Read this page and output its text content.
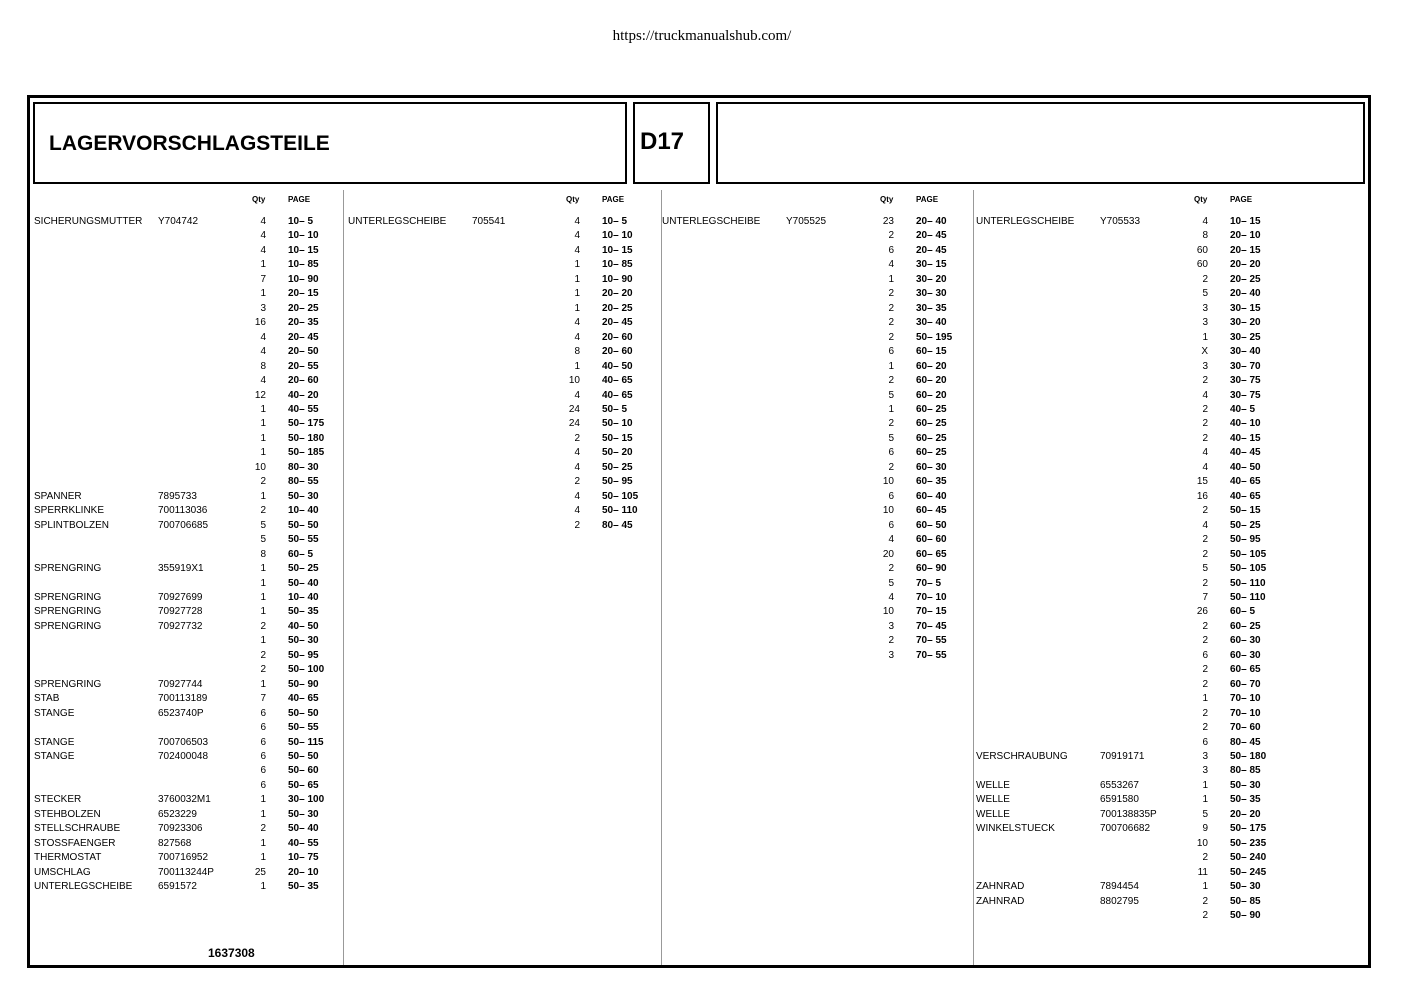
https://truckmanualshub.com/
LAGERVORSCHLAGSTEILE	D17
Qty	PAGE
SICHERUNGSMUTTER Y704742	4 10– 5
4 10– 10
4 10– 15
1 10– 85
7 10– 90
1 20– 15
3 20– 25
16 20– 35
4 20– 45
4 20– 50
8 20– 55
4 20– 60
12 40– 20
1 40– 55
1 50– 175
1 50– 180
1 50– 185
10 80– 30
2 80– 55
SPANNER	7895733	1 50– 30
SPERRKLINKE	700113036	2 10– 40
SPLINTBOLZEN	700706685	5 50– 50
5 50– 55
8 60– 5
SPRENGRING	355919X1	1 50– 25
1 50– 40
SPRENGRING	70927699	1 10– 40
SPRENGRING	70927728	1 50– 35
SPRENGRING	70927732	2 40– 50
1 50– 30
2 50– 95
2 50– 100
SPRENGRING	70927744	1 50– 90
STAB	700113189	7 40– 65
STANGE	6523740P	6 50– 50
6 50– 55
STANGE	700706503	6 50– 115
STANGE	702400048	6 50– 50
6 50– 60
6 50– 65
STECKER	3760032M1	1 30– 100
STEHBOLZEN	6523229	1 50– 30
STELLSCHRAUBE	70923306	2 50– 40
STOSSFAENGER	827568	1 40– 55
THERMOSTAT	700716952	1 10– 75
UMSCHLAG	700113244P	25 20– 10
UNTERLEGSCHEIBE	6591572	1 50– 35
Qty	PAGE
UNTERLEGSCHEIBE	705541	4 10– 5
4 10– 10
4 10– 15
1 10– 85
1 10– 90
1 20– 20
1 20– 25
4 20– 45
4 20– 60
8 20– 60
1 40– 50
10 40– 65
4 40– 65
24 50– 5
24 50– 10
2 50– 15
4 50– 20
4 50– 25
2 50– 95
4 50– 105
4 50– 110
2 80– 45
Qty	PAGE
UNTERLEGSCHEIBE	Y705525	23 20– 40
2 20– 45
6 20– 45
4 30– 15
1 30– 20
2 30– 30
2 30– 35
2 30– 40
2 50– 195
6 60– 15
1 60– 20
2 60– 20
5 60– 20
1 60– 25
2 60– 25
5 60– 25
6 60– 25
2 60– 30
10 60– 35
6 60– 40
10 60– 45
6 60– 50
4 60– 60
20 60– 65
2 60– 90
5 70– 5
4 70– 10
10 70– 15
3 70– 45
2 70– 55
3 70– 55
Qty	PAGE
UNTERLEGSCHEIBE	Y705533	4 10– 15
8 20– 10
60 20– 15
60 20– 20
2 20– 25
5 20– 40
3 30– 15
3 30– 20
1 30– 25
X 30– 40
3 30– 70
2 30– 75
4 30– 75
2 40– 5
2 40– 10
2 40– 15
4 40– 45
4 40– 50
15 40– 65
16 40– 65
2 50– 15
4 50– 25
2 50– 95
2 50– 105
5 50– 105
2 50– 110
7 50– 110
26 60– 5
2 60– 25
2 60– 30
6 60– 30
2 60– 65
2 60– 70
1 70– 10
2 70– 10
2 70– 60
6 80– 45
VERSCHRAUBUNG	70919171	3 50– 180
3 80– 85
WELLE	6553267	1 50– 30
WELLE	6591580	1 50– 35
WELLE	700138835P	5 20– 20
WINKELSTUECK	700706682	9 50– 175
10 50– 235
2 50– 240
11 50– 245
ZAHNRAD	7894454	1 50– 30
ZAHNRAD	8802795	2 50– 85
2 50– 90
1637308
